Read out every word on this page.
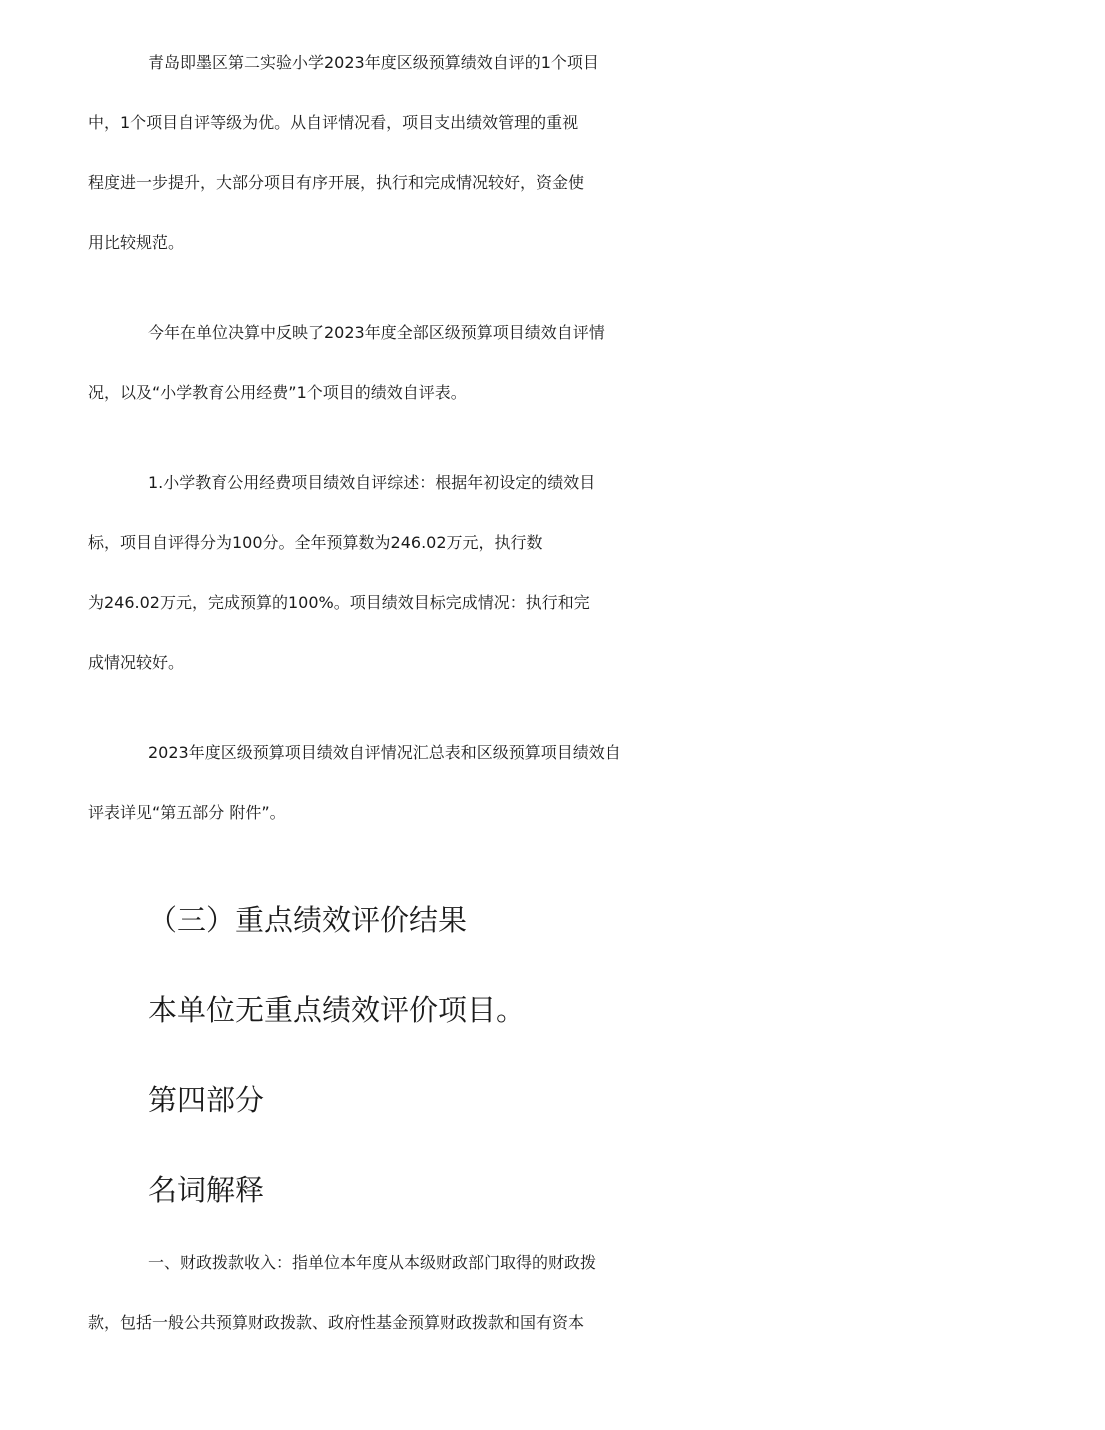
青岛即墨区第二实验小学2023年度区级预算绩效自评的1个项目
中，1个项目自评等级为优。从自评情况看，项目支出绩效管理的重视
程度进一步提升，大部分项目有序开展，执行和完成情况较好，资金使
用比较规范。
今年在单位决算中反映了2023年度全部区级预算项目绩效自评情
况，以及“小学教育公用经费”1个项目的绩效自评表。
1.小学教育公用经费项目绩效自评综述：根据年初设定的绩效目
标，项目自评得分为100分。全年预算数为246.02万元，执行数
为246.02万元，完成预算的100%。项目绩效目标完成情况：执行和完
成情况较好。
2023年度区级预算项目绩效自评情况汇总表和区级预算项目绩效自
评表详见“第五部分 附件”。

（三）重点绩效评价结果

本单位无重点绩效评价项目。

第四部分

名词解释

一、财政拨款收入：指单位本年度从本级财政部门取得的财政拨
款，包括一般公共预算财政拨款、政府性基金预算财政拨款和国有资本
